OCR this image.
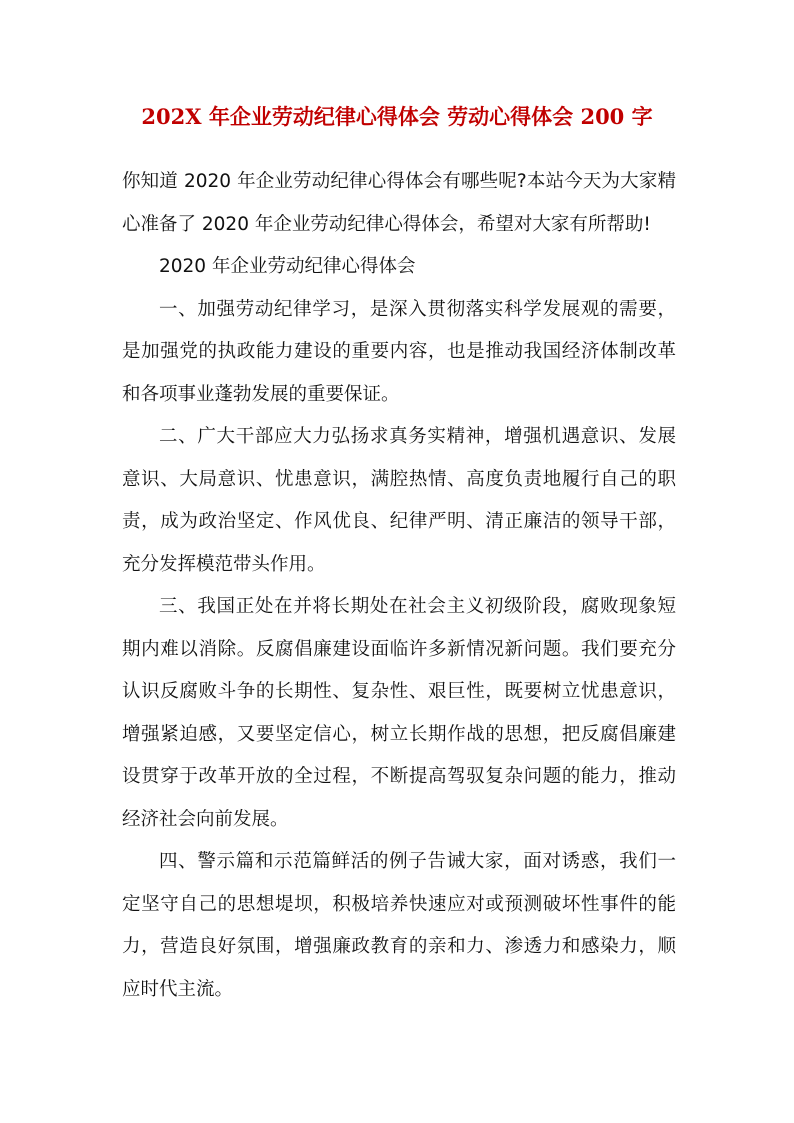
202X 年企业劳动纪律心得体会 劳动心得体会 200 字

你知道 2020 年企业劳动纪律心得体会有哪些呢?本站今天为大家精心准备了 2020 年企业劳动纪律心得体会，希望对大家有所帮助!

2020 年企业劳动纪律心得体会

一、加强劳动纪律学习，是深入贯彻落实科学发展观的需要，是加强党的执政能力建设的重要内容，也是推动我国经济体制改革和各项事业蓬勃发展的重要保证。

二、广大干部应大力弘扬求真务实精神，增强机遇意识、发展意识、大局意识、忧患意识，满腔热情、高度负责地履行自己的职责，成为政治坚定、作风优良、纪律严明、清正廉洁的领导干部，充分发挥模范带头作用。

三、我国正处在并将长期处在社会主义初级阶段，腐败现象短期内难以消除。反腐倡廉建设面临许多新情况新问题。我们要充分认识反腐败斗争的长期性、复杂性、艰巨性，既要树立忧患意识，增强紧迫感，又要坚定信心，树立长期作战的思想，把反腐倡廉建设贯穿于改革开放的全过程，不断提高驾驭复杂问题的能力，推动经济社会向前发展。

四、警示篇和示范篇鲜活的例子告诫大家，面对诱惑，我们一定坚守自己的思想堤坝，积极培养快速应对或预测破坏性事件的能力，营造良好氛围，增强廉政教育的亲和力、渗透力和感染力，顺应时代主流。
